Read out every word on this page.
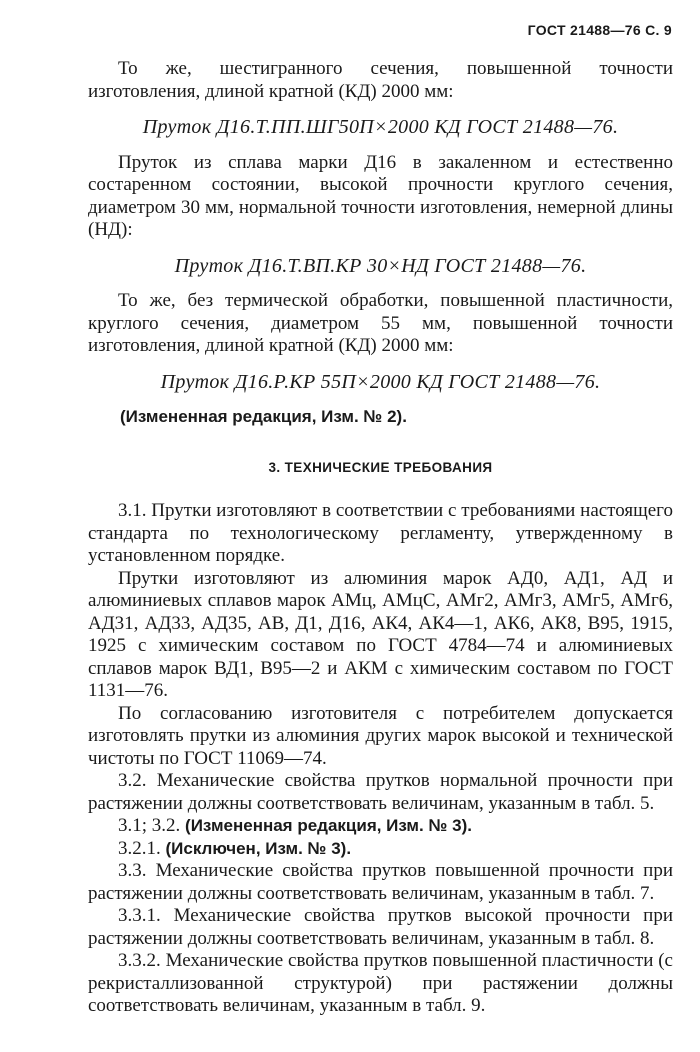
ГОСТ 21488—76 С. 9

То же, шестигранного сечения, повышенной точности изготовления, длиной кратной (КД) 2000 мм:

Пруток Д16.Т.ПП.ШГ50П×2000 КД ГОСТ 21488—76.

Пруток из сплава марки Д16 в закаленном и естественно состаренном состоянии, высокой прочности круглого сечения, диаметром 30 мм, нормальной точности изготовления, немерной длины (НД):

Пруток Д16.Т.ВП.КР 30×НД ГОСТ 21488—76.

То же, без термической обработки, повышенной пластичности, круглого сечения, диаметром 55 мм, повышенной точности изготовления, длиной кратной (КД) 2000 мм:

Пруток Д16.Р.КР 55П×2000 КД ГОСТ 21488—76.

(Измененная редакция, Изм. № 2).

3. ТЕХНИЧЕСКИЕ ТРЕБОВАНИЯ

3.1. Прутки изготовляют в соответствии с требованиями настоящего стандарта по технологическому регламенту, утвержденному в установленном порядке.

Прутки изготовляют из алюминия марок АД0, АД1, АД и алюминиевых сплавов марок АМц, АМцС, АМг2, АМг3, АМг5, АМг6, АД31, АД33, АД35, АВ, Д1, Д16, АК4, АК4—1, АК6, АК8, В95, 1915, 1925 с химическим составом по ГОСТ 4784—74 и алюминиевых сплавов марок ВД1, В95—2 и АКМ с химическим составом по ГОСТ 1131—76.

По согласованию изготовителя с потребителем допускается изготовлять прутки из алюминия других марок высокой и технической чистоты по ГОСТ 11069—74.

3.2. Механические свойства прутков нормальной прочности при растяжении должны соответствовать величинам, указанным в табл. 5.

3.1; 3.2. (Измененная редакция, Изм. № 3).

3.2.1. (Исключен, Изм. № 3).

3.3. Механические свойства прутков повышенной прочности при растяжении должны соответствовать величинам, указанным в табл. 7.

3.3.1. Механические свойства прутков высокой прочности при растяжении должны соответствовать величинам, указанным в табл. 8.

3.3.2. Механические свойства прутков повышенной пластичности (с рекристаллизованной структурой) при растяжении должны соответствовать величинам, указанным в табл. 9.
